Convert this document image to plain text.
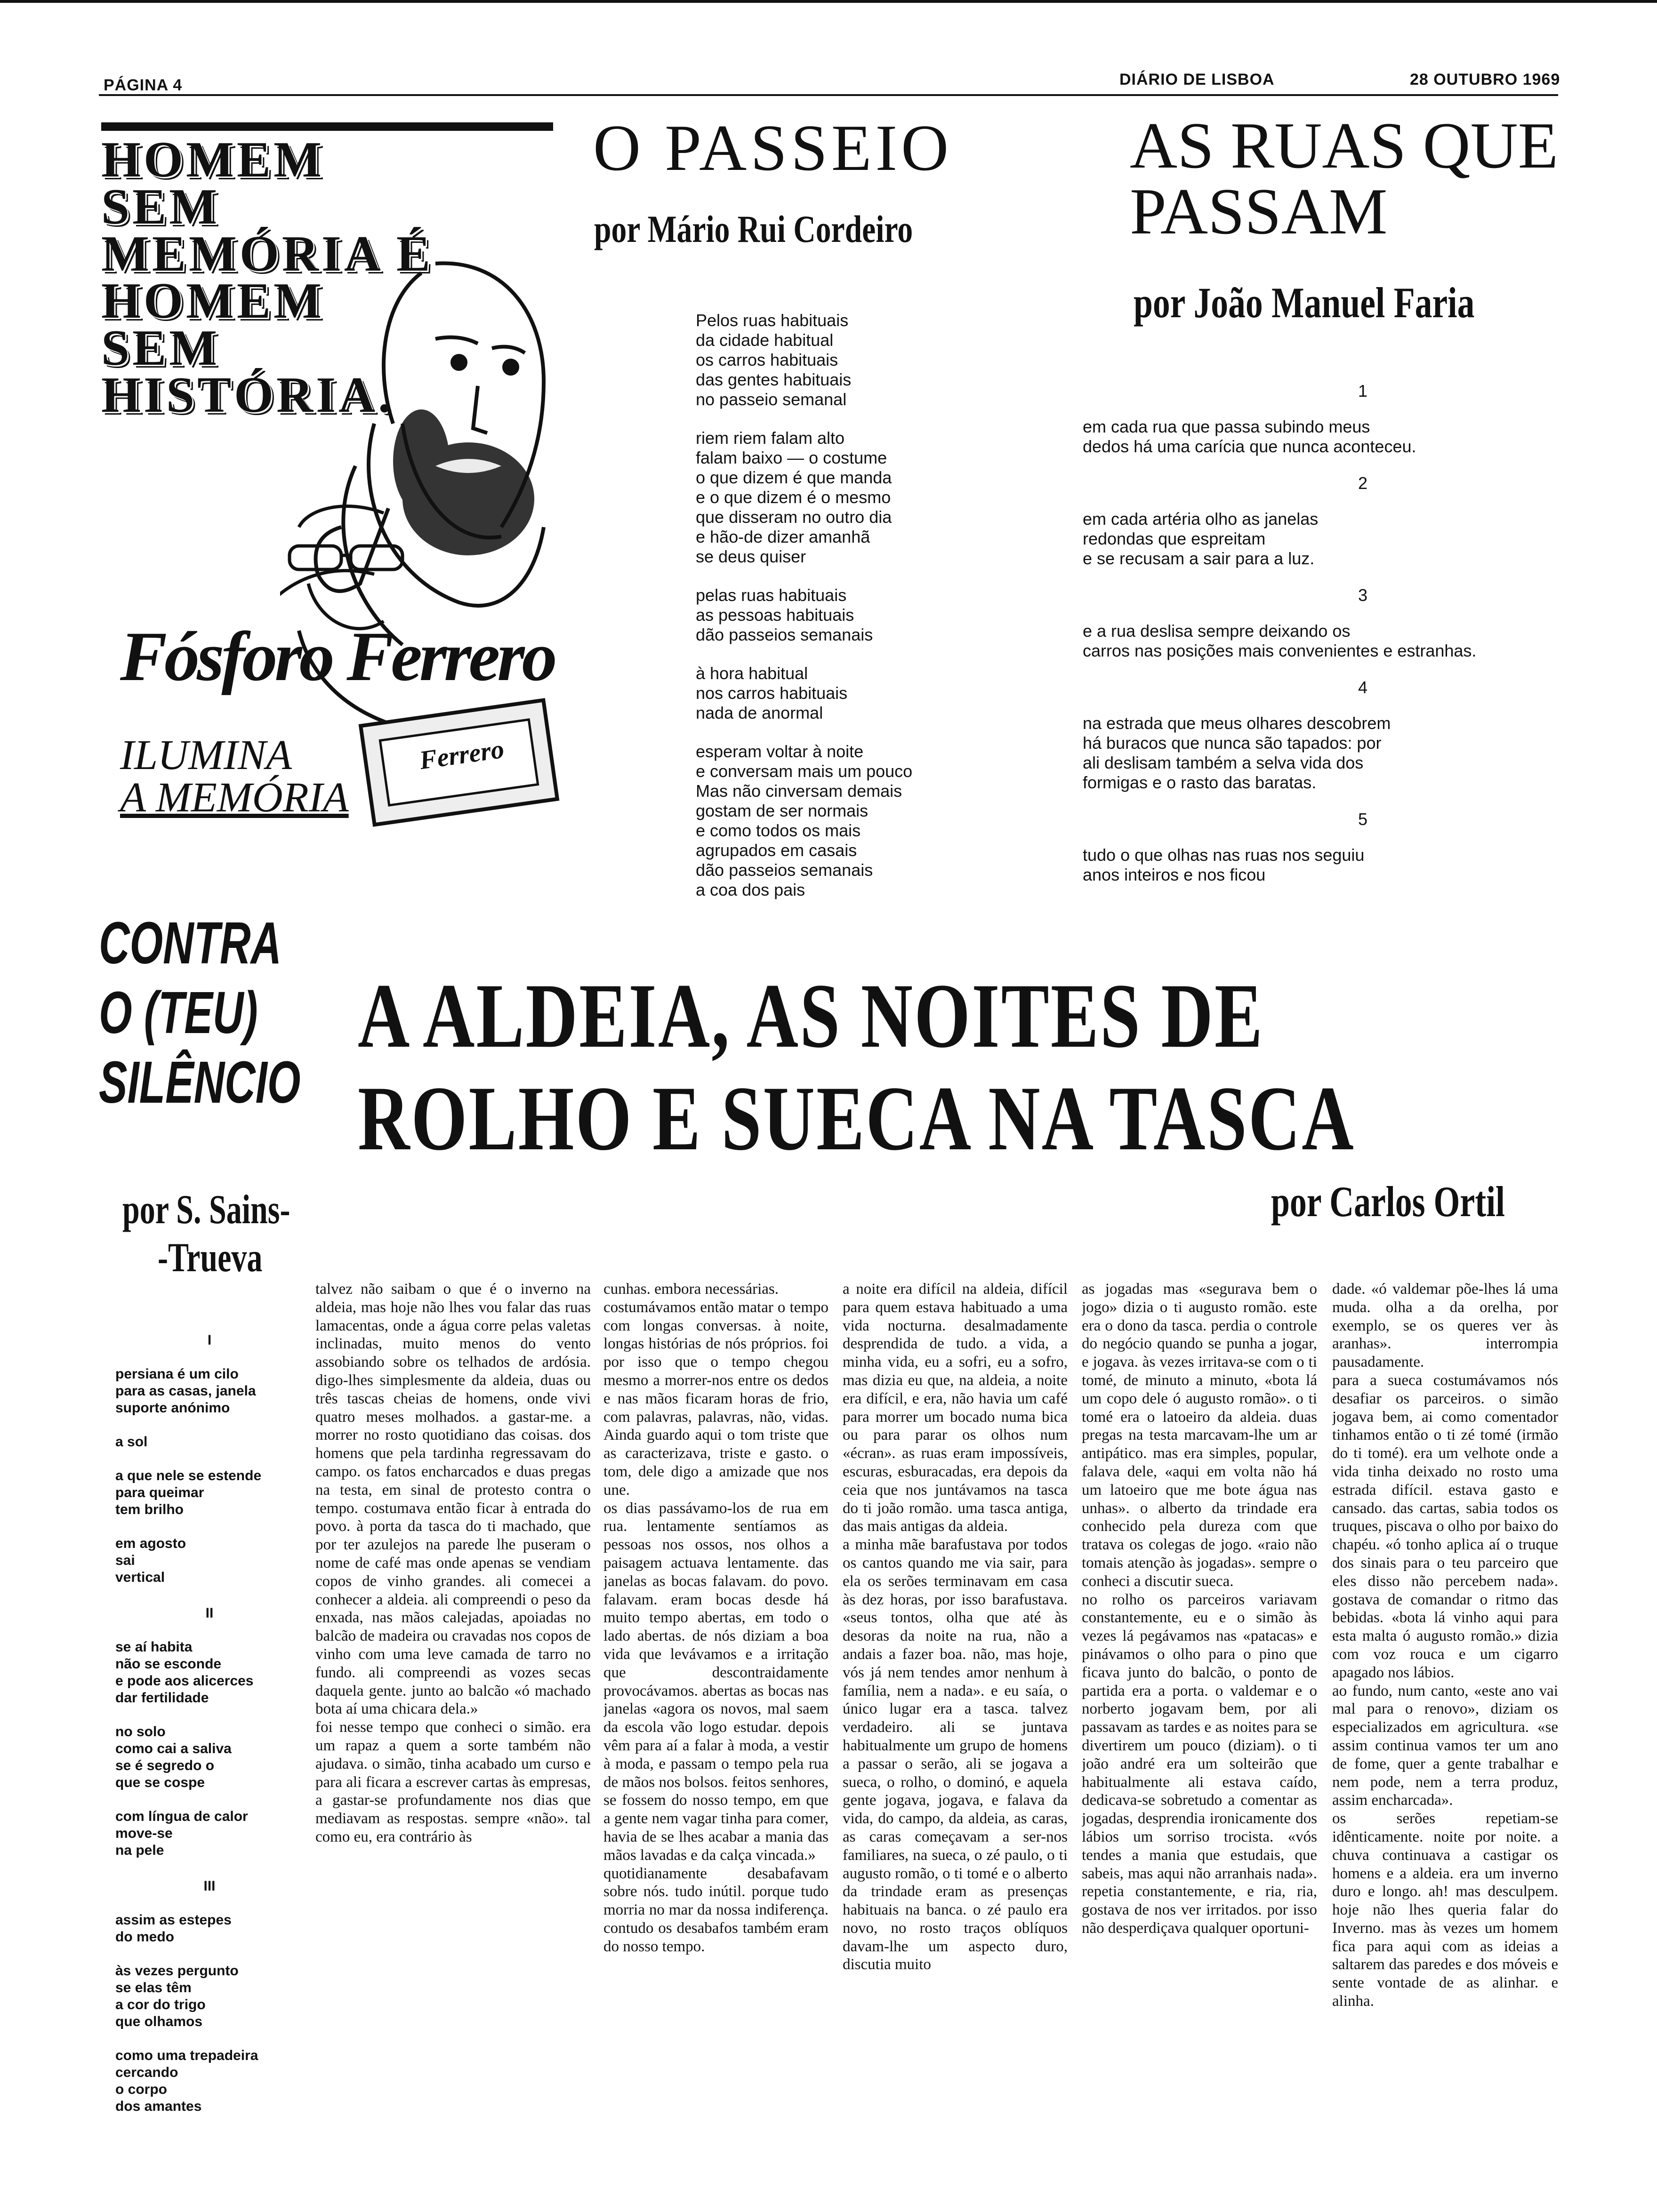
PÁGINA 4	DIÁRIO DE LISBOA	28 OUTUBRO 1969
HOMEM SEM MEMÓRIA É HOMEM SEM HISTÓRIA.
Fósforo Ferrero
ILUMINA
A MEMÓRIA
Ferrero
O PASSEIO
por Mário Rui Cordeiro
Pelos ruas habituais
da cidade habitual
os carros habituais
das gentes habituais
no passeio semanal
riem riem falam alto
falam baixo — o costume
o que dizem é que manda
e o que dizem é o mesmo
que disseram no outro dia
e hão-de dizer amanhã
se deus quiser
pelas ruas habituais
as pessoas habituais
dão passeios semanais
à hora habitual
nos carros habituais
nada de anormal
esperam voltar à noite
e conversam mais um pouco
Mas não cinversam demais
gostam de ser normais
e como todos os mais
agrupados em casais
dão passeios semanais
a coa dos pais
AS RUAS QUE
PASSAM
por João Manuel Faria
1
em cada rua que passa subindo meus
dedos há uma carícia que nunca aconteceu.
2
em cada artéria olho as janelas
redondas que espreitam
e se recusam a sair para a luz.
3
e a rua deslisa sempre deixando os
carros nas posições mais convenientes e estranhas.
4
na estrada que meus olhares descobrem
há buracos que nunca são tapados: por
ali deslisam também a selva vida dos
formigas e o rasto das baratas.
5
tudo o que olhas nas ruas nos seguiu
anos inteiros e nos ficou
CONTRA
O (TEU)
SILÊNCIO
por S. Sains-
-Trueva
I
persiana é um cilo
para as casas, janela
suporte anónimo

a sol

a que nele se estende
para queimar
tem brilho

em agosto
sai
vertical
II
se aí habita
não se esconde
e pode aos alicerces
dar fertilidade

no solo
como cai a saliva
se é segredo o
que se cospe

com língua de calor
move-se
na pele
III
assim as estepes
do medo

às vezes pergunto
se elas têm
a cor do trigo
que olhamos

como uma trepadeira
cercando
o corpo
dos amantes
A ALDEIA, AS NOITES DE
ROLHO E SUECA NA TASCA
por Carlos Ortil
talvez não saibam o que é o inverno na aldeia, mas hoje não lhes vou falar das ruas lamacentas, onde a água corre pelas valetas inclinadas, muito menos do vento assobiando sobre os telhados de ardósia. digo-lhes simplesmente da aldeia, duas ou três tascas cheias de homens, onde vivi quatro meses molhados. a gastar-me. a morrer no rosto quotidiano das coisas. dos homens que pela tardinha regressavam do campo. os fatos encharcados e duas pregas na testa, em sinal de protesto contra o tempo. costumava então ficar à entrada do povo. à porta da tasca do ti machado, que por ter azulejos na parede lhe puseram o nome de café mas onde apenas se vendiam copos de vinho grandes. ali comecei a conhecer a aldeia. ali compreendi o peso da enxada, nas mãos calejadas, apoiadas no balcão de madeira ou cravadas nos copos de vinho com uma leve camada de tarro no fundo. ali compreendi as vozes secas daquela gente. junto ao balcão «ó machado bota aí uma chicara dela.»
foi nesse tempo que conheci o simão. era um rapaz a quem a sorte também não ajudava. o simão, tinha acabado um curso e para ali ficara a escrever cartas às empresas, a gastar-se profundamente nos dias que mediavam as respostas. sempre «não». tal como eu, era contrário às
cunhas. embora necessárias.
costumávamos então matar o tempo com longas conversas. à noite, longas histórias de nós próprios. foi por isso que o tempo chegou mesmo a morrer-nos entre os dedos e nas mãos ficaram horas de frio, com palavras, palavras, não, vidas. Ainda guardo aqui o tom triste que as caracterizava, triste e gasto. o tom, dele digo a amizade que nos une.
os dias passávamo-los de rua em rua. lentamente sentíamos as pessoas nos ossos, nos olhos a paisagem actuava lentamente. das janelas as bocas falavam. do povo. falavam. eram bocas desde há muito tempo abertas, em todo o lado abertas. de nós diziam a boa vida que levávamos e a irritação que descontraidamente provocávamos. abertas as bocas nas janelas «agora os novos, mal saem da escola vão logo estudar. depois vêm para aí a falar à moda, a vestir à moda, e passam o tempo pela rua de mãos nos bolsos. feitos senhores, se fossem do nosso tempo, em que a gente nem vagar tinha para comer, havia de se lhes acabar a mania das mãos lavadas e da calça vincada.»
quotidianamente desabafavam sobre nós. tudo inútil. porque tudo morria no mar da nossa indiferença. contudo os desabafos também eram do nosso tempo.
a noite era difícil na aldeia, difícil para quem estava habituado a uma vida nocturna. desalmadamente desprendida de tudo. a vida, a minha vida, eu a sofri, eu a sofro, mas dizia eu que, na aldeia, a noite era difícil, e era, não havia um café para morrer um bocado numa bica ou para parar os olhos num «écran». as ruas eram impossíveis, escuras, esburacadas, era depois da ceia que nos juntávamos na tasca do ti joão romão. uma tasca antiga, das mais antigas da aldeia.
a minha mãe barafustava por todos os cantos quando me via sair, para ela os serões terminavam em casa às dez horas, por isso barafustava. «seus tontos, olha que até às desoras da noite na rua, não a andais a fazer boa. não, mas hoje, vós já nem tendes amor nenhum à família, nem a nada». e eu saía, o único lugar era a tasca. talvez verdadeiro. ali se juntava habitualmente um grupo de homens a passar o serão, ali se jogava a sueca, o rolho, o dominó, e aquela gente jogava, jogava, e falava da vida, do campo, da aldeia, as caras, as caras começavam a ser-nos familiares, na sueca, o zé paulo, o ti augusto romão, o ti tomé e o alberto da trindade eram as presenças habituais na banca. o zé paulo era novo, no rosto traços oblíquos davam-lhe um aspecto duro, discutia muito
as jogadas mas «segurava bem o jogo» dizia o ti augusto romão. este era o dono da tasca. perdia o controle do negócio quando se punha a jogar, e jogava. às vezes irritava-se com o ti tomé, de minuto a minuto, «bota lá um copo dele ó augusto romão». o ti tomé era o latoeiro da aldeia. duas pregas na testa marcavam-lhe um ar antipático. mas era simples, popular, falava dele, «aqui em volta não há um latoeiro que me bote água nas unhas». o alberto da trindade era conhecido pela dureza com que tratava os colegas de jogo. «raio não tomais atenção às jogadas». sempre o conheci a discutir sueca.
no rolho os parceiros variavam constantemente, eu e o simão às vezes lá pegávamos nas «patacas» e pinávamos o olho para o pino que ficava junto do balcão, o ponto de partida era a porta. o valdemar e o norberto jogavam bem, por ali passavam as tardes e as noites para se divertirem um pouco (diziam). o ti joão andré era um solteirão que habitualmente ali estava caído, dedicava-se sobretudo a comentar as jogadas, desprendia ironicamente dos lábios um sorriso trocista. «vós tendes a mania que estudais, que sabeis, mas aqui não arranhais nada». repetia constantemente, e ria, ria, gostava de nos ver irritados. por isso não desperdiçava qualquer oportuni-
dade. «ó valdemar põe-lhes lá uma muda. olha a da orelha, por exemplo, se os queres ver às aranhas». interrompia pausadamente.
para a sueca costumávamos nós desafiar os parceiros. o simão jogava bem, ai como comentador tinhamos então o ti zé tomé (irmão do ti tomé). era um velhote onde a vida tinha deixado no rosto uma estrada difícil. estava gasto e cansado. das cartas, sabia todos os truques, piscava o olho por baixo do chapéu. «ó tonho aplica aí o truque dos sinais para o teu parceiro que eles disso não percebem nada». gostava de comandar o ritmo das bebidas. «bota lá vinho aqui para esta malta ó augusto romão.» dizia com voz rouca e um cigarro apagado nos lábios.
ao fundo, num canto, «este ano vai mal para o renovo», diziam os especializados em agricultura. «se assim continua vamos ter um ano de fome, quer a gente trabalhar e nem pode, nem a terra produz, assim encharcada».
os serões repetiam-se idênticamente. noite por noite. a chuva continuava a castigar os homens e a aldeia. era um inverno duro e longo. ah! mas desculpem. hoje não lhes queria falar do Inverno. mas às vezes um homem fica para aqui com as ideias a saltarem das paredes e dos móveis e sente vontade de as alinhar. e alinha.
